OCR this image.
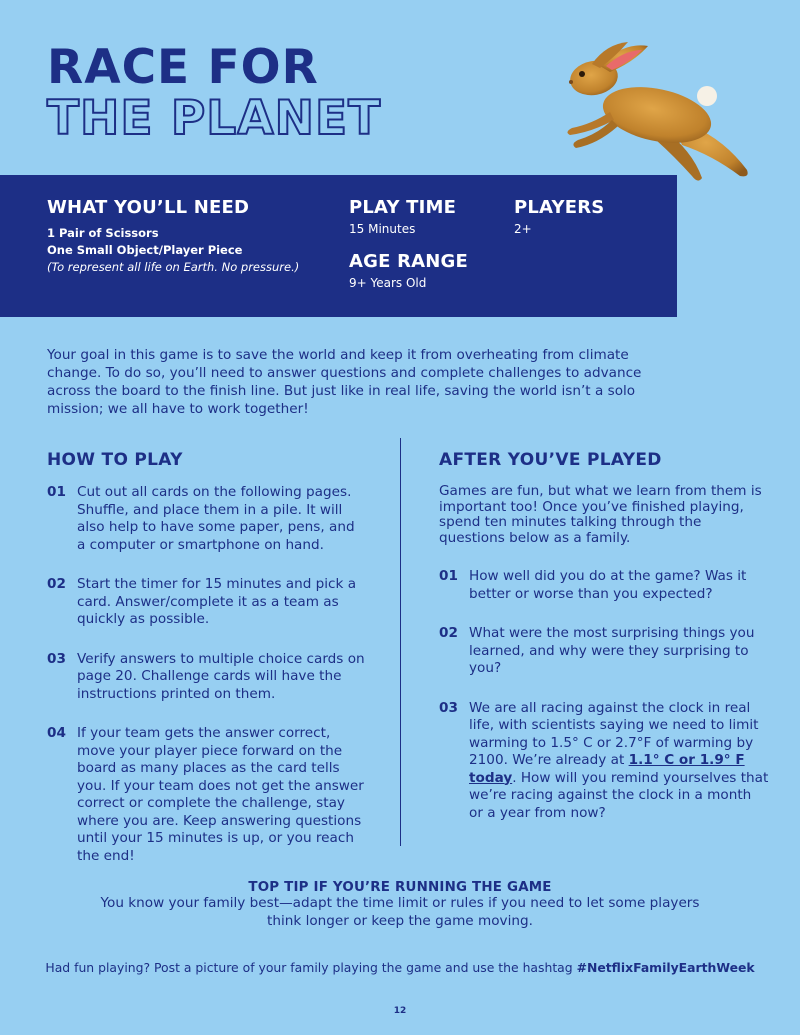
RACE FOR
THE PLANET
WHAT YOU’LL NEED
1 Pair of Scissors
One Small Object/Player Piece
(To represent all life on Earth. No pressure.)
PLAY TIME
15 Minutes
PLAYERS
2+
AGE RANGE
9+ Years Old

Your goal in this game is to save the world and keep it from overheating from climate change. To do so, you’ll need to answer questions and complete challenges to advance across the board to the finish line. But just like in real life, saving the world isn’t a solo mission; we all have to work together!

HOW TO PLAY
01 Cut out all cards on the following pages. Shuffle, and place them in a pile. It will also help to have some paper, pens, and a computer or smartphone on hand.
02 Start the timer for 15 minutes and pick a card. Answer/complete it as a team as quickly as possible.
03 Verify answers to multiple choice cards on page 20. Challenge cards will have the instructions printed on them.
04 If your team gets the answer correct, move your player piece forward on the board as many places as the card tells you. If your team does not get the answer correct or complete the challenge, stay where you are. Keep answering questions until your 15 minutes is up, or you reach the end!
AFTER YOU’VE PLAYED

Games are fun, but what we learn from them is important too! Once you’ve finished playing, spend ten minutes talking through the questions below as a family.

01 How well did you do at the game? Was it better or worse than you expected?
02 What were the most surprising things you learned, and why were they surprising to you?
03 We are all racing against the clock in real life, with scientists saying we need to limit warming to 1.5° C or 2.7°F of warming by 2100. We’re already at 1.1° C or 1.9° F today. How will you remind yourselves that we’re racing against the clock in a month or a year from now?
TOP TIP IF YOU’RE RUNNING THE GAME

You know your family best—adapt the time limit or rules if you need to let some players think longer or keep the game moving.

Had fun playing? Post a picture of your family playing the game and use the hashtag #NetflixFamilyEarthWeek
12
